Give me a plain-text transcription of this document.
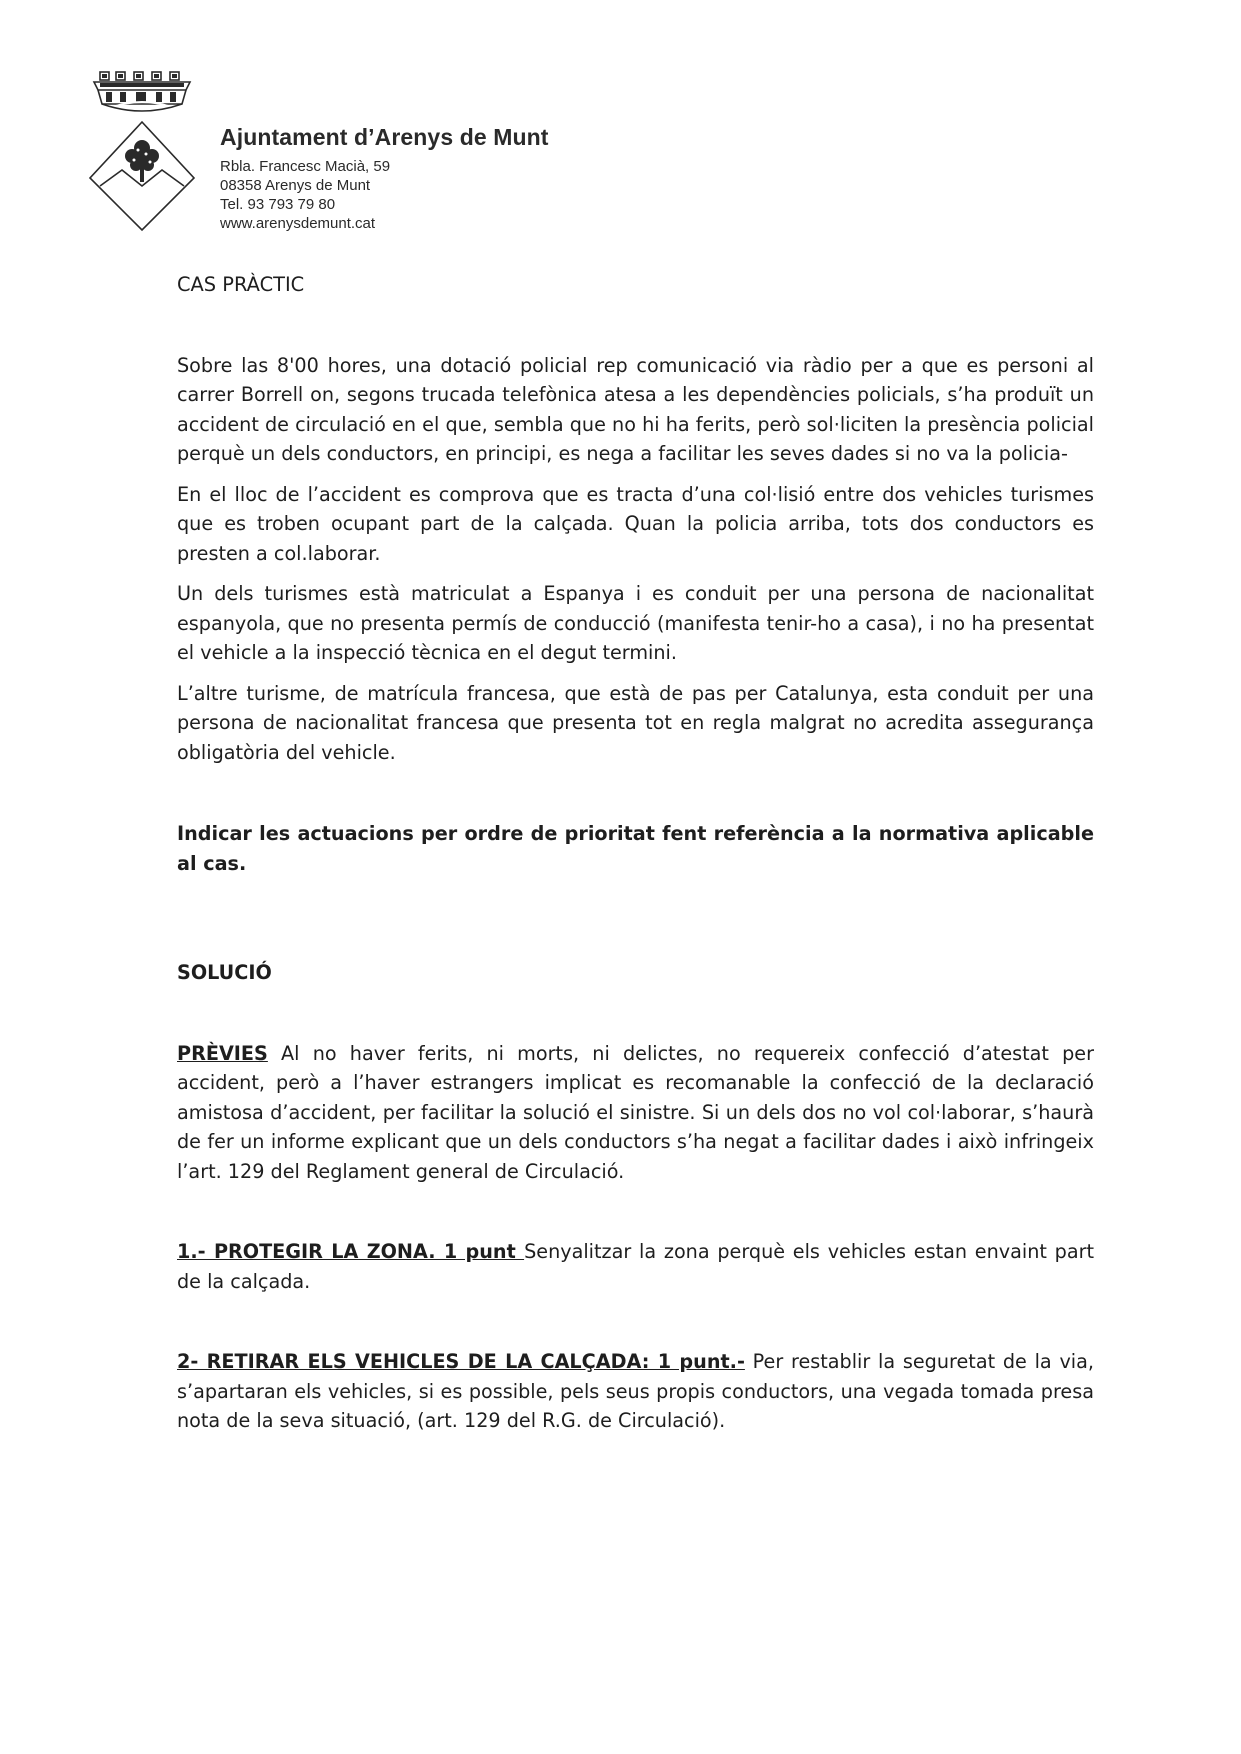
Ajuntament d’Arenys de Munt

Rbla. Francesc Macià, 59

08358 Arenys de Munt

Tel. 93 793 79 80

www.arenysdemunt.cat

CAS PRÀCTIC

Sobre las 8'00 hores, una dotació policial rep comunicació via ràdio per a que es personi al carrer Borrell on, segons trucada telefònica atesa a les dependències policials, s’ha produït un accident de circulació en el que, sembla que no hi ha ferits, però sol·liciten la presència policial perquè un dels conductors, en principi, es nega a facilitar les seves dades si no va la policia-

En el lloc de l’accident es comprova que es tracta d’una col·lisió entre dos vehicles turismes que es troben ocupant part de la calçada. Quan la policia arriba, tots dos conductors es presten a col.laborar.

Un dels turismes està matriculat a Espanya i es conduit per una persona de nacionalitat espanyola, que no presenta permís de conducció (manifesta tenir-ho a casa), i no ha presentat el vehicle a la inspecció tècnica en el degut termini.

L’altre turisme, de matrícula francesa, que està de pas per Catalunya, esta conduit per una persona de nacionalitat francesa que presenta tot en regla malgrat no acredita assegurança obligatòria del vehicle.

Indicar les actuacions per ordre de prioritat fent referència a la normativa aplicable al cas.

SOLUCIÓ

PRÈVIES Al no haver ferits, ni morts, ni delictes, no requereix confecció d’atestat per accident, però a l’haver estrangers implicat es recomanable la confecció de la declaració amistosa d’accident, per facilitar la solució el sinistre. Si un dels dos no vol col·laborar, s’haurà de fer un informe explicant que un dels conductors s’ha negat a facilitar dades i això infringeix l’art. 129 del Reglament general de Circulació.

1.- PROTEGIR LA ZONA. 1 punt Senyalitzar la zona perquè els vehicles estan envaint part de la calçada.

2- RETIRAR ELS VEHICLES DE LA CALÇADA: 1 punt.- Per restablir la seguretat de la via, s’apartaran els vehicles, si es possible, pels seus propis conductors, una vegada tomada presa nota de la seva situació, (art. 129 del R.G. de Circulació).
